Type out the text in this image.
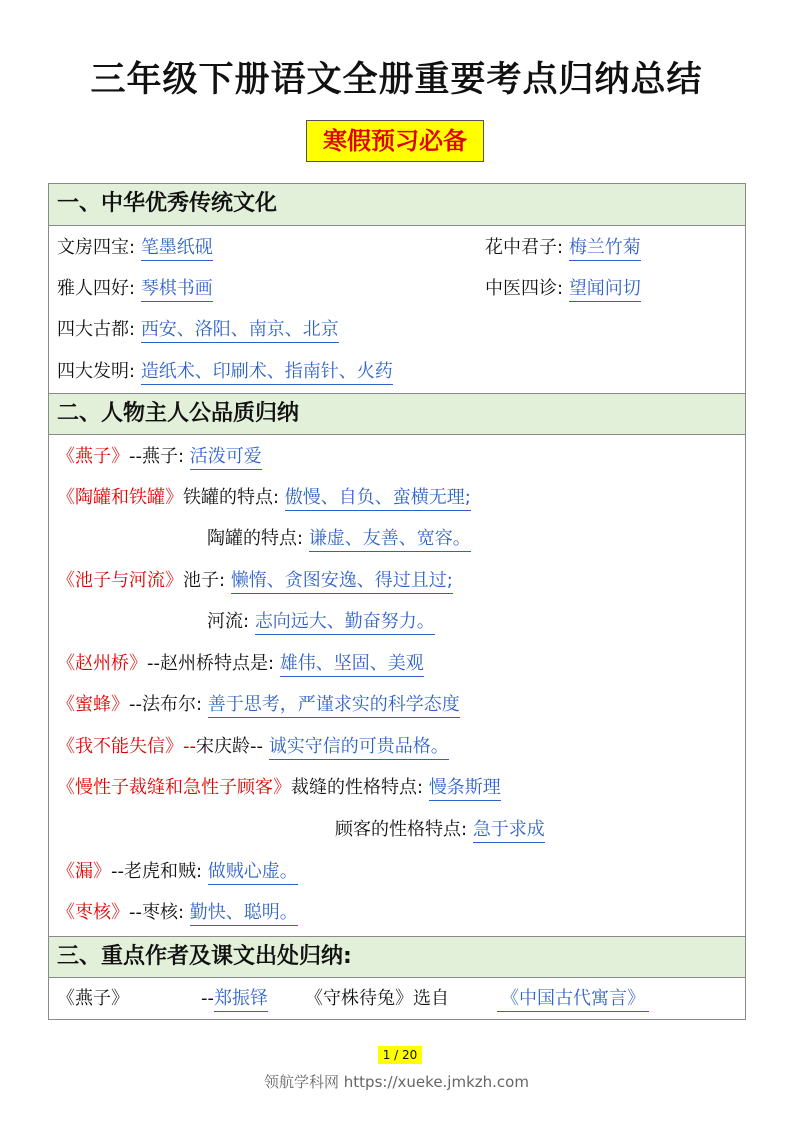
三年级下册语文全册重要考点归纳总结
寒假预习必备
一、中华优秀传统文化
文房四宝: 笔墨纸砚	花中君子: 梅兰竹菊
雅人四好: 琴棋书画	中医四诊: 望闻问切
四大古都: 西安、洛阳、南京、北京
四大发明: 造纸术、印刷术、指南针、火药
二、人物主人公品质归纳
《燕子》--燕子: 活泼可爱
《陶罐和铁罐》铁罐的特点: 傲慢、自负、蛮横无理;
陶罐的特点: 谦虚、友善、宽容。
《池子与河流》池子: 懒惰、贪图安逸、得过且过;
河流: 志向远大、勤奋努力。
《赵州桥》--赵州桥特点是: 雄伟、坚固、美观
《蜜蜂》--法布尔: 善于思考，严谨求实的科学态度
《我不能失信》--宋庆龄-- 诚实守信的可贵品格。
《慢性子裁缝和急性子顾客》裁缝的性格特点: 慢条斯理
顾客的性格特点: 急于求成
《漏》--老虎和贼: 做贼心虚。
《枣核》--枣核: 勤快、聪明。
三、重点作者及课文出处归纳:
《燕子》	--郑振铎 《守株待兔》选自	《中国古代寓言》
1 / 20
领航学科网 https://xueke.jmkzh.com
